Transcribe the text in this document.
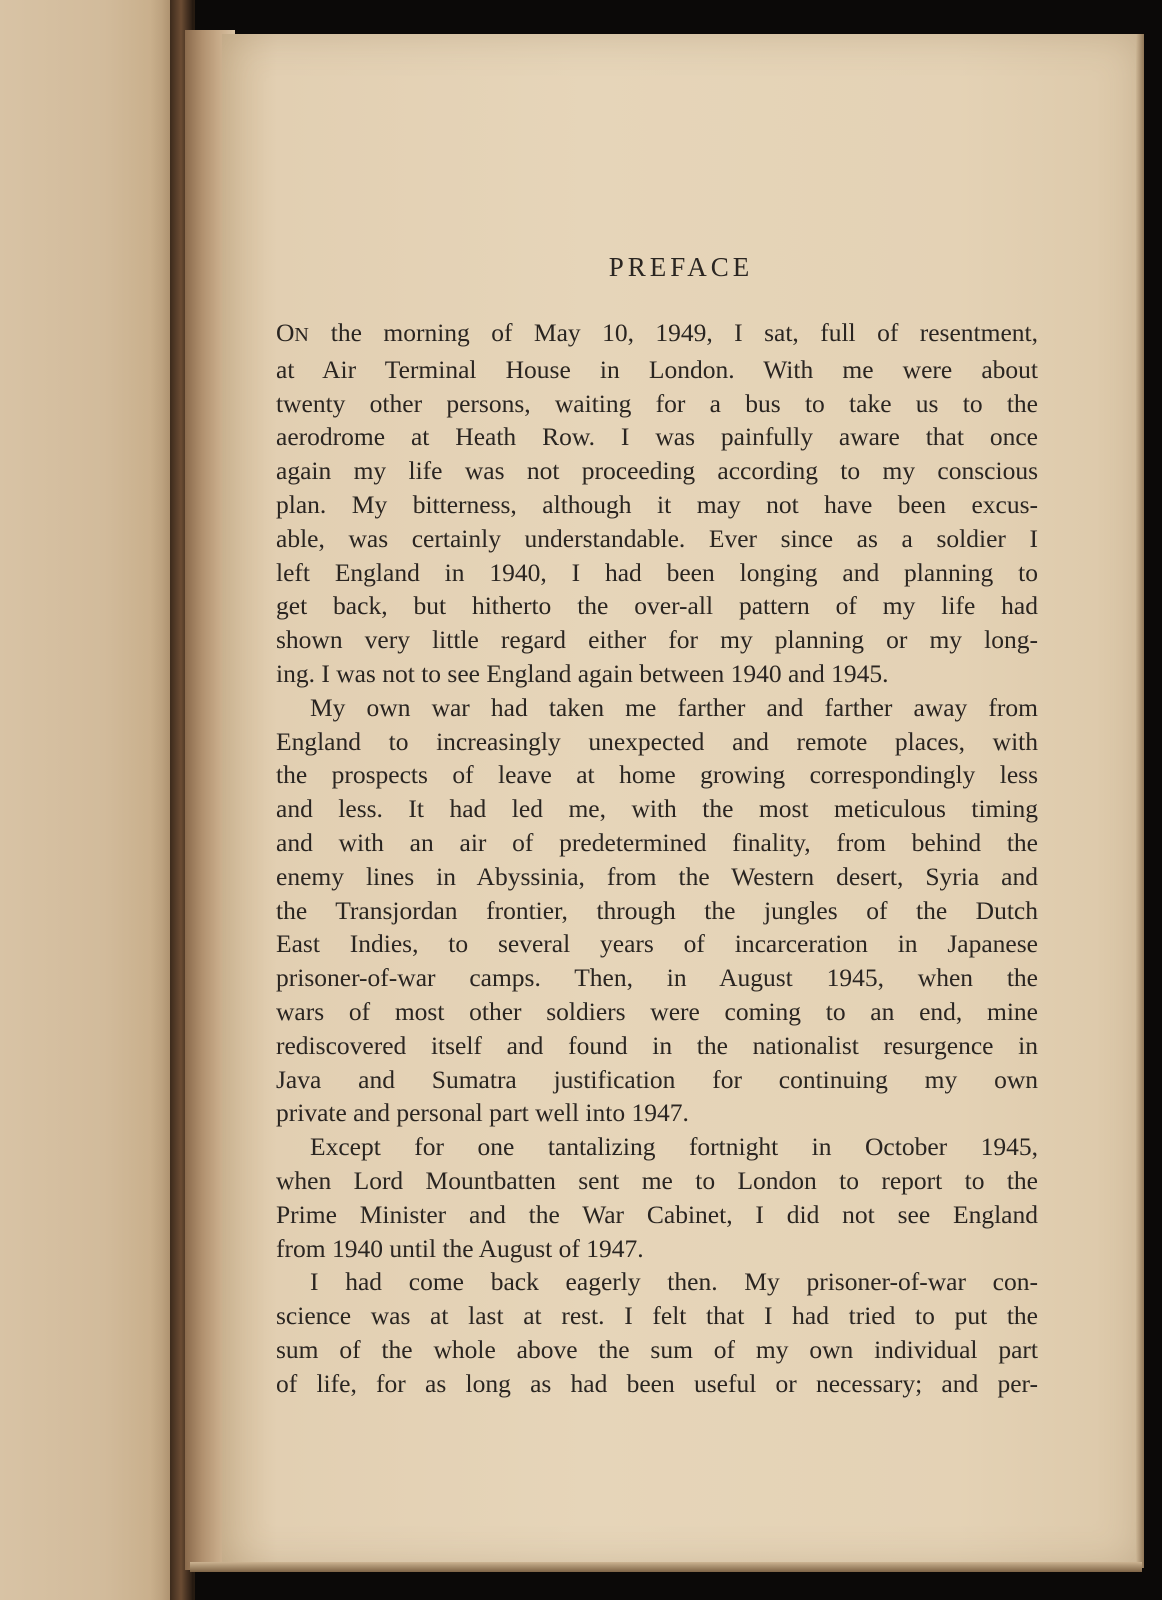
PREFACE
ON the morning of May 10, 1949, I sat, full of resentment,
at Air Terminal House in London. With me were about
twenty other persons, waiting for a bus to take us to the
aerodrome at Heath Row. I was painfully aware that once
again my life was not proceeding according to my conscious
plan. My bitterness, although it may not have been excus-
able, was certainly understandable. Ever since as a soldier I
left England in 1940, I had been longing and planning to
get back, but hitherto the over-all pattern of my life had
shown very little regard either for my planning or my long-
ing. I was not to see England again between 1940 and 1945.
My own war had taken me farther and farther away from
England to increasingly unexpected and remote places, with
the prospects of leave at home growing correspondingly less
and less. It had led me, with the most meticulous timing
and with an air of predetermined finality, from behind the
enemy lines in Abyssinia, from the Western desert, Syria and
the Transjordan frontier, through the jungles of the Dutch
East Indies, to several years of incarceration in Japanese
prisoner-of-war camps. Then, in August 1945, when the
wars of most other soldiers were coming to an end, mine
rediscovered itself and found in the nationalist resurgence in
Java and Sumatra justification for continuing my own
private and personal part well into 1947.
Except for one tantalizing fortnight in October 1945,
when Lord Mountbatten sent me to London to report to the
Prime Minister and the War Cabinet, I did not see England
from 1940 until the August of 1947.
I had come back eagerly then. My prisoner-of-war con-
science was at last at rest. I felt that I had tried to put the
sum of the whole above the sum of my own individual part
of life, for as long as had been useful or necessary; and per-
